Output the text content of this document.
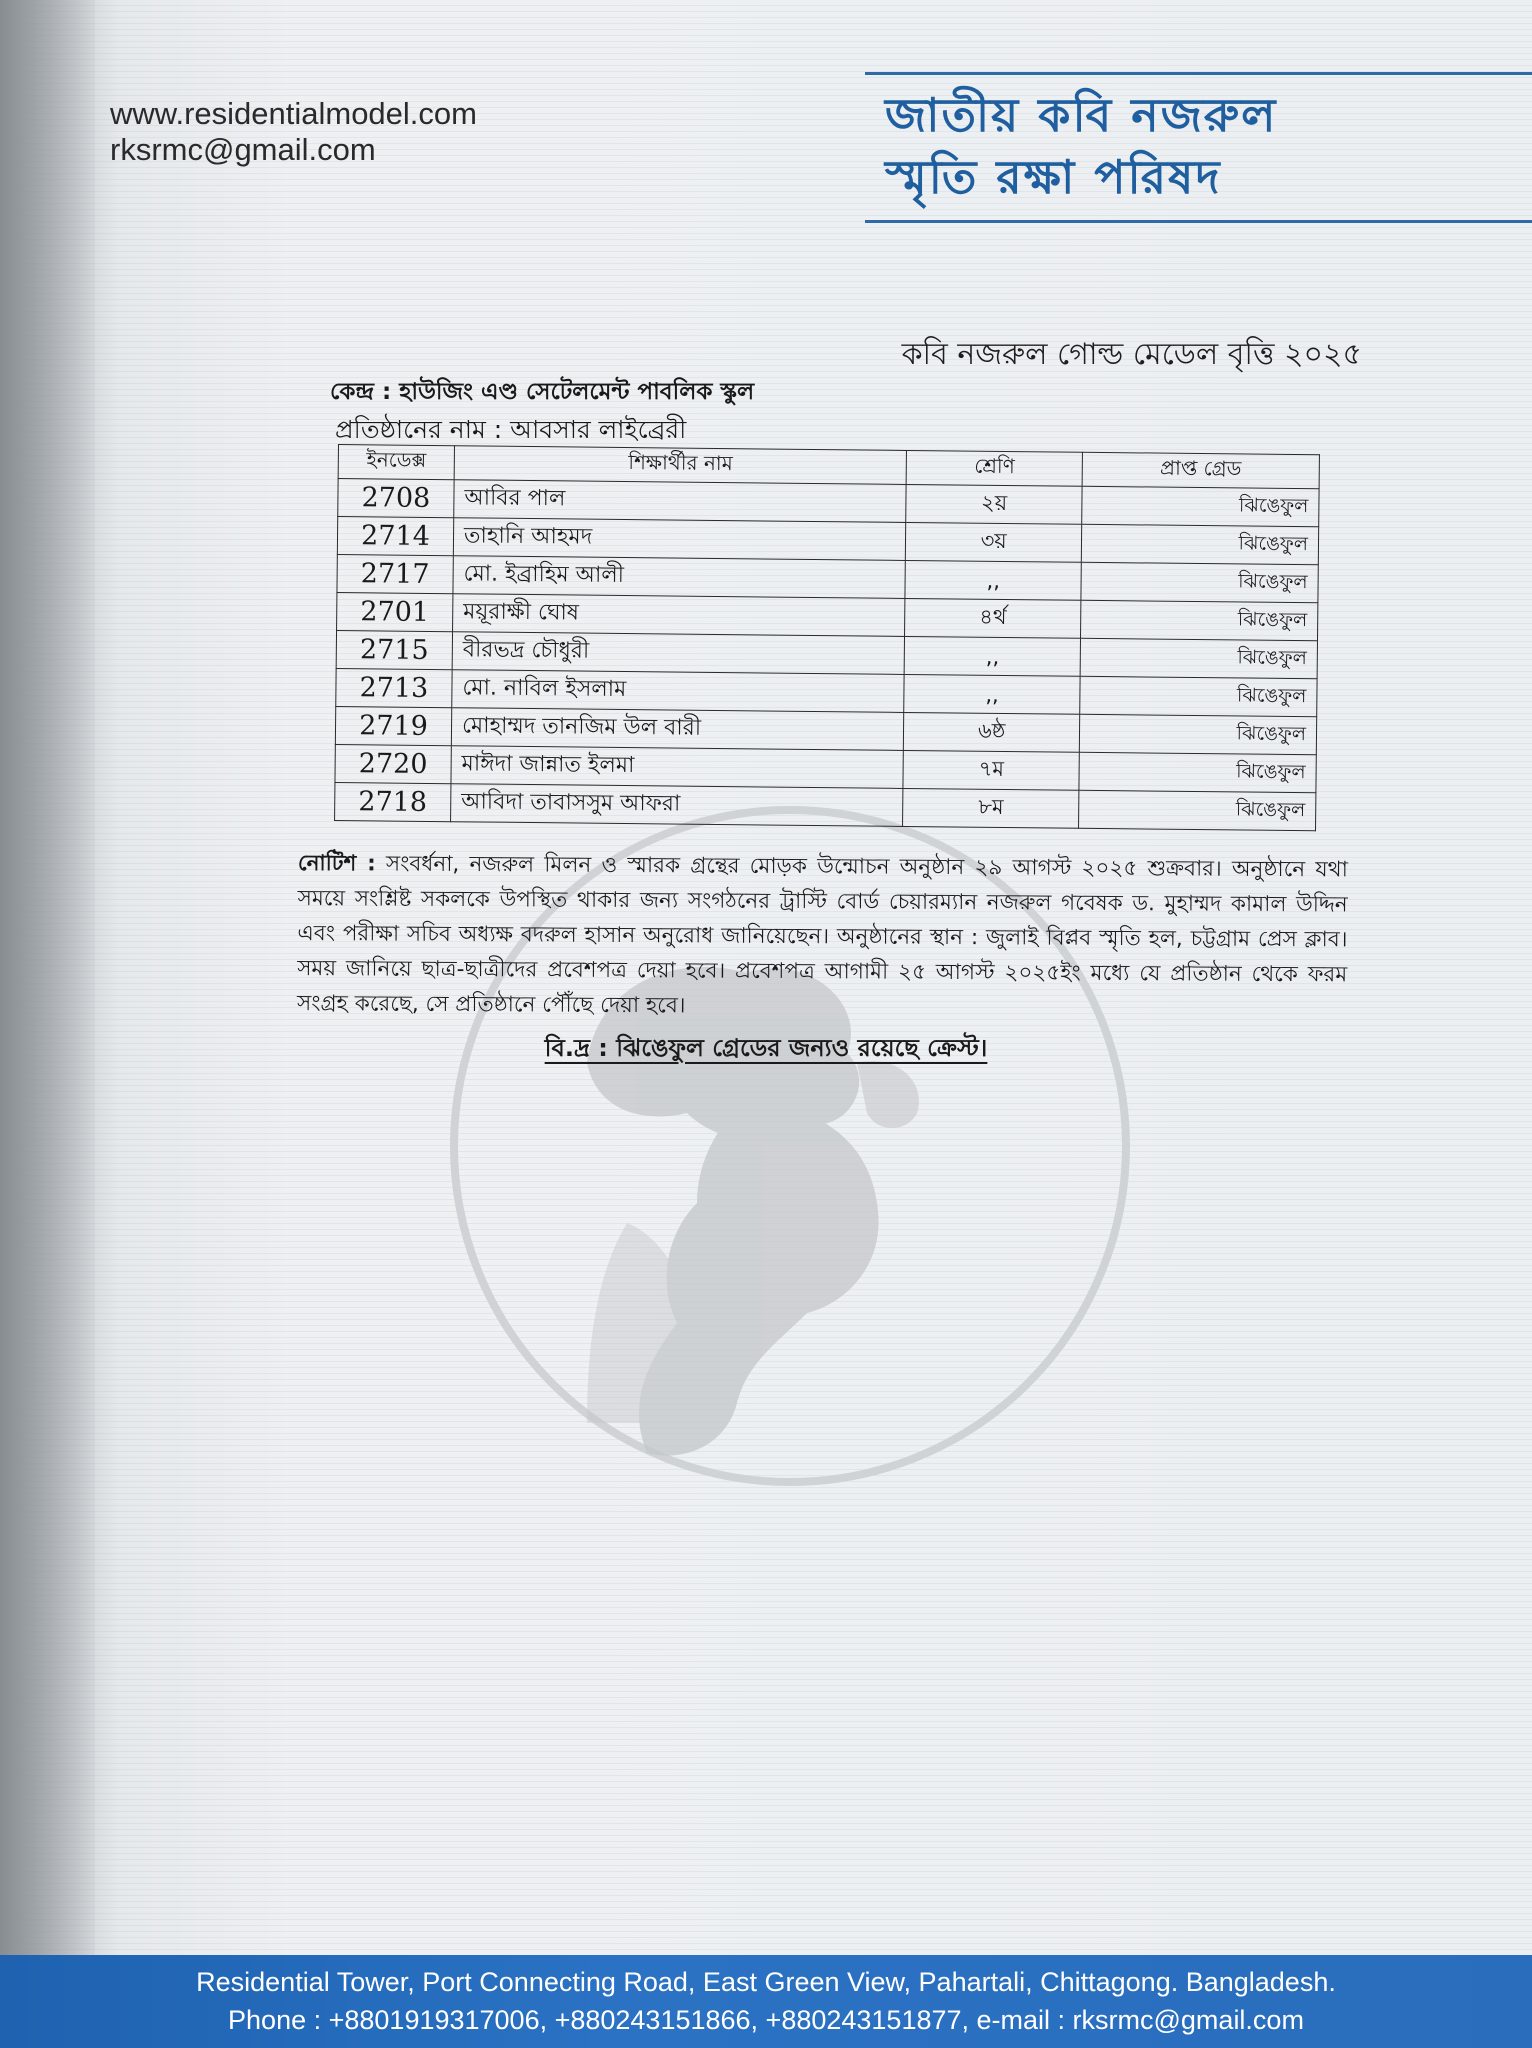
www.residentialmodel.com
rksrmc@gmail.com
জাতীয় কবি নজরুল
স্মৃতি রক্ষা পরিষদ
কবি নজরুল গোল্ড মেডেল বৃত্তি ২০২৫
কেন্দ্র : হাউজিং এণ্ড সেটেলমেন্ট পাবলিক স্কুল
প্রতিষ্ঠানের নাম : আবসার লাইব্রেরী
ইনডেক্স	শিক্ষার্থীর নাম	শ্রেণি	প্রাপ্ত গ্রেড
2708	আবির পাল	২য়	ঝিঙেফুল
2714	তাহানি আহমদ	৩য়	ঝিঙেফুল
2717	মো. ইব্রাহিম আলী	,,	ঝিঙেফুল
2701	ময়ূরাক্ষী ঘোষ	৪র্থ	ঝিঙেফুল
2715	বীরভদ্র চৌধুরী	,,	ঝিঙেফুল
2713	মো. নাবিল ইসলাম	,,	ঝিঙেফুল
2719	মোহাম্মদ তানজিম উল বারী	৬ষ্ঠ	ঝিঙেফুল
2720	মাঈদা জান্নাত ইলমা	৭ম	ঝিঙেফুল
2718	আবিদা তাবাসসুম আফরা	৮ম	ঝিঙেফুল
নোটিশ : সংবর্ধনা, নজরুল মিলন ও স্মারক গ্রন্থের মোড়ক উন্মোচন অনুষ্ঠান ২৯ আগস্ট ২০২৫ শুক্রবার। অনুষ্ঠানে যথা সময়ে সংশ্লিষ্ট সকলকে উপস্থিত থাকার জন্য সংগঠনের ট্রাস্টি বোর্ড চেয়ারম্যান নজরুল গবেষক ড. মুহাম্মদ কামাল উদ্দিন এবং পরীক্ষা সচিব অধ্যক্ষ বদরুল হাসান অনুরোধ জানিয়েছেন। অনুষ্ঠানের স্থান : জুলাই বিপ্লব স্মৃতি হল, চট্টগ্রাম প্রেস ক্লাব। সময় জানিয়ে ছাত্র-ছাত্রীদের প্রবেশপত্র দেয়া হবে। প্রবেশপত্র আগামী ২৫ আগস্ট ২০২৫ইং মধ্যে যে প্রতিষ্ঠান থেকে ফরম সংগ্রহ করেছে, সে প্রতিষ্ঠানে পৌঁছে দেয়া হবে।
বি.দ্র : ঝিঙেফুল গ্রেডের জন্যও রয়েছে ক্রেস্ট।
Residential Tower, Port Connecting Road, East Green View, Pahartali, Chittagong. Bangladesh.
Phone : +8801919317006, +880243151866, +880243151877, e-mail : rksrmc@gmail.com
